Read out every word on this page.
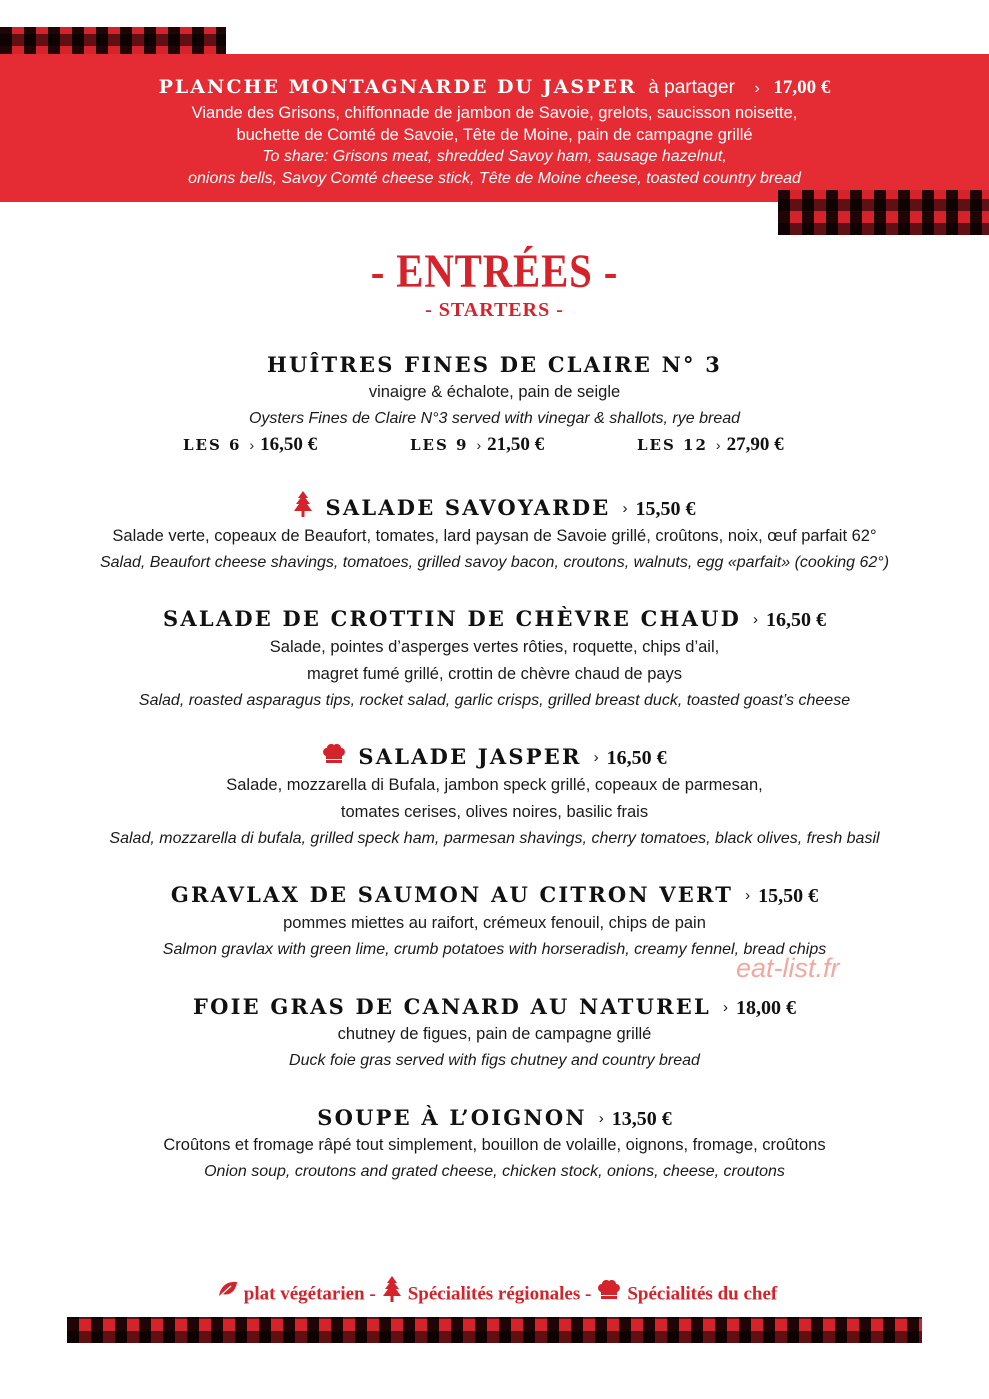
PLANCHE MONTAGNARDE DU JASPER à partager › 17,00 €
Viande des Grisons, chiffonnade de jambon de Savoie, grelots, saucisson noisette,
buchette de Comté de Savoie, Tête de Moine, pain de campagne grillé
To share: Grisons meat, shredded Savoy ham, sausage hazelnut,
onions bells, Savoy Comté cheese stick, Tête de Moine cheese, toasted country bread
- ENTRÉES -
- STARTERS -
HUÎTRES FINES DE CLAIRE N° 3
vinaigre & échalote, pain de seigle
Oysters Fines de Claire N°3 served with vinegar & shallots, rye bread
LES 6 › 16,50 €	LES 9 › 21,50 €	LES 12 › 27,90 €
SALADE SAVOYARDE › 15,50 €
Salade verte, copeaux de Beaufort, tomates, lard paysan de Savoie grillé, croûtons, noix, œuf parfait 62°
Salad, Beaufort cheese shavings, tomatoes, grilled savoy bacon, croutons, walnuts, egg «parfait» (cooking 62°)
SALADE DE CROTTIN DE CHÈVRE CHAUD › 16,50 €
Salade, pointes d’asperges vertes rôties, roquette, chips d’ail,
magret fumé grillé, crottin de chèvre chaud de pays
Salad, roasted asparagus tips, rocket salad, garlic crisps, grilled breast duck, toasted goast’s cheese
SALADE JASPER › 16,50 €
Salade, mozzarella di Bufala, jambon speck grillé, copeaux de parmesan,
tomates cerises, olives noires, basilic frais
Salad, mozzarella di bufala, grilled speck ham, parmesan shavings, cherry tomatoes, black olives, fresh basil
GRAVLAX DE SAUMON AU CITRON VERT › 15,50 €
pommes miettes au raifort, crémeux fenouil, chips de pain
Salmon gravlax with green lime, crumb potatoes with horseradish, creamy fennel, bread chips
eat-list.fr
FOIE GRAS DE CANARD AU NATUREL › 18,00 €
chutney de figues, pain de campagne grillé
Duck foie gras served with figs chutney and country bread
SOUPE À L’OIGNON › 13,50 €
Croûtons et fromage râpé tout simplement, bouillon de volaille, oignons, fromage, croûtons
Onion soup, croutons and grated cheese, chicken stock, onions, cheese, croutons
plat végétarien - Spécialités régionales - Spécialités du chef
